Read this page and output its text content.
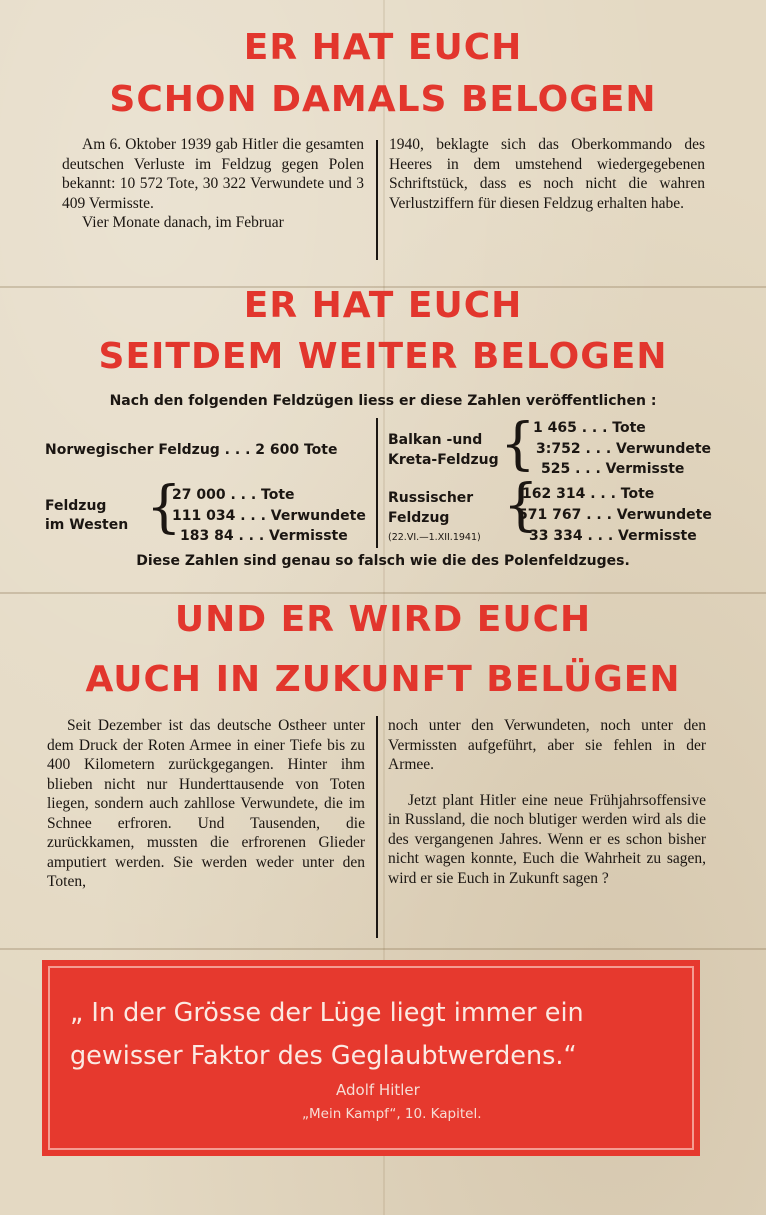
ER HAT EUCH
SCHON DAMALS BELOGEN

Am 6. Oktober 1939 gab Hitler die gesamten deutschen Verluste im Feldzug gegen Polen bekannt: 10 572 Tote, 30 322 Verwundete und 3 409 Vermisste.

Vier Monate danach, im Februar

1940, beklagte sich das Oberkommando des Heeres in dem umstehend wiedergegebenen Schriftstück, dass es noch nicht die wahren Verlustziffern für diesen Feldzug erhalten habe.

ER HAT EUCH
SEITDEM WEITER BELOGEN
Nach den folgenden Feldzügen liess er diese Zahlen veröffentlichen :
Norwegischer Feldzug . . . 2 600 Tote
Feldzug
im Westen {
27 000 . . . Tote
111 034 . . . Verwundete
183 84 . . . Vermisste
Balkan -und
Kreta-Feldzug {
1 465 . . . Tote
3:752 . . . Verwundete
525 . . . Vermisste
Russischer
Feldzug
(22.VI.—1.XII.1941) {
162 314 . . . Tote
571 767 . . . Verwundete
33 334 . . . Vermisste
Diese Zahlen sind genau so falsch wie die des Polenfeldzuges.
UND ER WIRD EUCH
AUCH IN ZUKUNFT BELÜGEN

Seit Dezember ist das deutsche Ostheer unter dem Druck der Roten Armee in einer Tiefe bis zu 400 Kilometern zurückgegangen. Hinter ihm blieben nicht nur Hunderttausende von Toten liegen, sondern auch zahllose Verwundete, die im Schnee erfroren. Und Tausenden, die zurückkamen, mussten die erfrorenen Glieder amputiert werden. Sie werden weder unter den Toten,

noch unter den Verwundeten, noch unter den Vermissten aufgeführt, aber sie fehlen in der Armee.

Jetzt plant Hitler eine neue Frühjahrsoffensive in Russland, die noch blutiger werden wird als die des vergangenen Jahres. Wenn er es schon bisher nicht wagen konnte, Euch die Wahrheit zu sagen, wird er sie Euch in Zukunft sagen ?

„ In der Grösse der Lüge liegt immer ein gewisser Faktor des Geglaubtwerdens.“
Adolf Hitler
„Mein Kampf“, 10. Kapitel.
